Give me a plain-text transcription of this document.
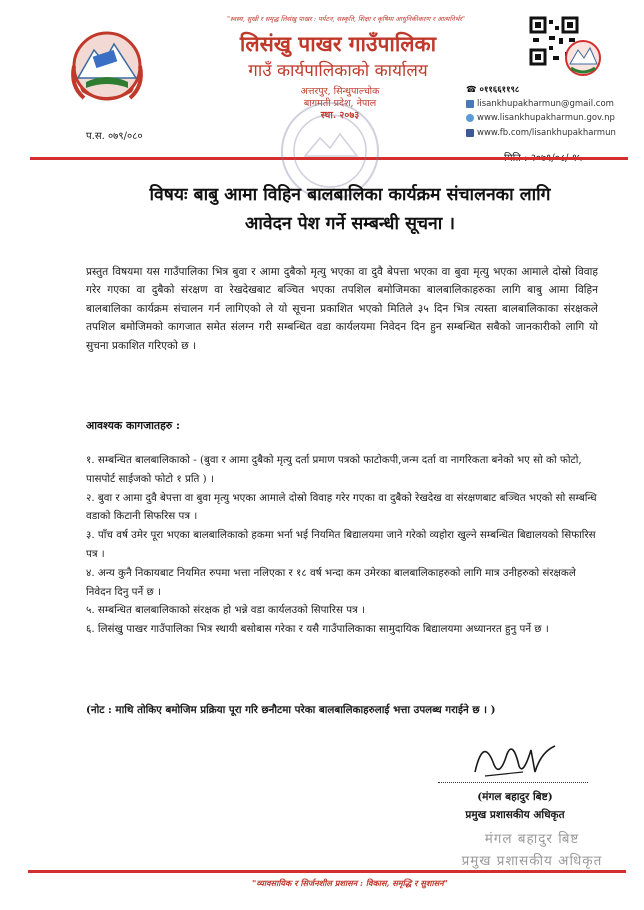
"स्वस्थ, सुखी र समृद्ध लिसंखु पाखर : पर्यटन, सस्कृति, शिक्षा र कृषिमा आधुनिकीकरण र आत्मनिर्भर"
लिसंखु पाखर गाउँपालिका
गाउँ कार्यपालिकाको कार्यालय
अत्तरपुर, सिन्धुपाल्चोक
बागमती प्रदेश, नेपाल
स्था. २०७३
☎ ०११६६११९८
lisankhupakharmun@gmail.com
www.lisankhupakharmun.gov.np
www.fb.com/lisankhupakharmun
प.स. ०७९/०८०
विषयः बाबु आमा विहिन बालबालिका कार्यक्रम संचालनका लागि
आवेदन पेश गर्ने सम्बन्धी सूचना ।
प्रस्तुत विषयमा यस गाउँपालिका भित्र बुवा र आमा दुबैको मृत्यु भएका वा दुवै बेपत्ता भएका वा बुवा मृत्यु भएका आमाले दोस्रो विवाह गरेर गएका वा दुबैको संरक्षण वा रेखदेखबाट बञ्चित भएका तपशिल बमोजिमका बालबालिकाहरुका लागि बाबु आमा विहिन बालबालिका कार्यक्रम संचालन गर्न लागिएको ले यो सूचना प्रकाशित भएको मितिले ३५ दिन भित्र त्यस्ता बालबालिकाका संरक्षकले तपशिल बमोजिमको कागजात समेत संलग्न गरी सम्बन्धित वडा कार्यलयमा निवेदन दिन हुन सम्बन्धित सबैको जानकारीको लागि यो सुचना प्रकाशित गरिएको छ ।
आवश्यक कागजातहरु :
१. सम्बन्धित बालबालिकाको - (बुवा र आमा दुबैको मृत्यु दर्ता प्रमाण पत्रको फाटोकपी,जन्म दर्ता वा नागरिकता बनेको भए सो को फोटो, पासपोर्ट साईजको फोटो १ प्रति ) ।
२. बुवा र आमा दुवै बेपत्ता वा बुवा मृत्यु भएका आमाले दोस्रो विवाह गरेर गएका वा दुबैको रेखदेख वा संरक्षणबाट बञ्चित भएको सो सम्बन्धि वडाको किटानी सिफरिस पत्र ।
३. पाँच वर्ष उमेर पूरा भएका बालबालिकाको हकमा भर्ना भई नियमित बिद्यालयमा जाने गरेको व्यहोरा खुल्ने सम्बन्धित बिद्यालयको सिफारिस पत्र ।
४. अन्य कुनै निकायबाट नियमित रुपमा भत्ता नलिएका र १८ वर्ष भन्दा कम उमेरका बालबालिकाहरुको लागि मात्र उनीहरुको संरक्षकले निवेदन दिनु पर्ने छ ।
५. सम्बन्धित बालबालिकाको संरक्षक हो भन्ने वडा कार्यलउको सिपारिस पत्र ।
६. लिसंखु पाखर गाउँपालिका भित्र स्थायी बसोबास गरेका र यसै गाउँपालिकाका सामुदायिक बिद्यालयमा अध्यानरत हुनु पर्ने छ ।
(नोट : माथि तोकिए बमोजिम प्रक्रिया पूरा गरि छनौटमा परेका बालबालिकाहरुलाई भत्ता उपलब्ध गराईने छ । )
(मंगल बहादुर बिष्ट)
प्रमुख प्रशासकीय अधिकृत
मंगल बहादुर बिष्ट
प्रमुख प्रशासकीय अधिकृत
"व्यावसायिक र सिर्जनशील प्रशासन : विकास, समृद्धि र सुशासन"
